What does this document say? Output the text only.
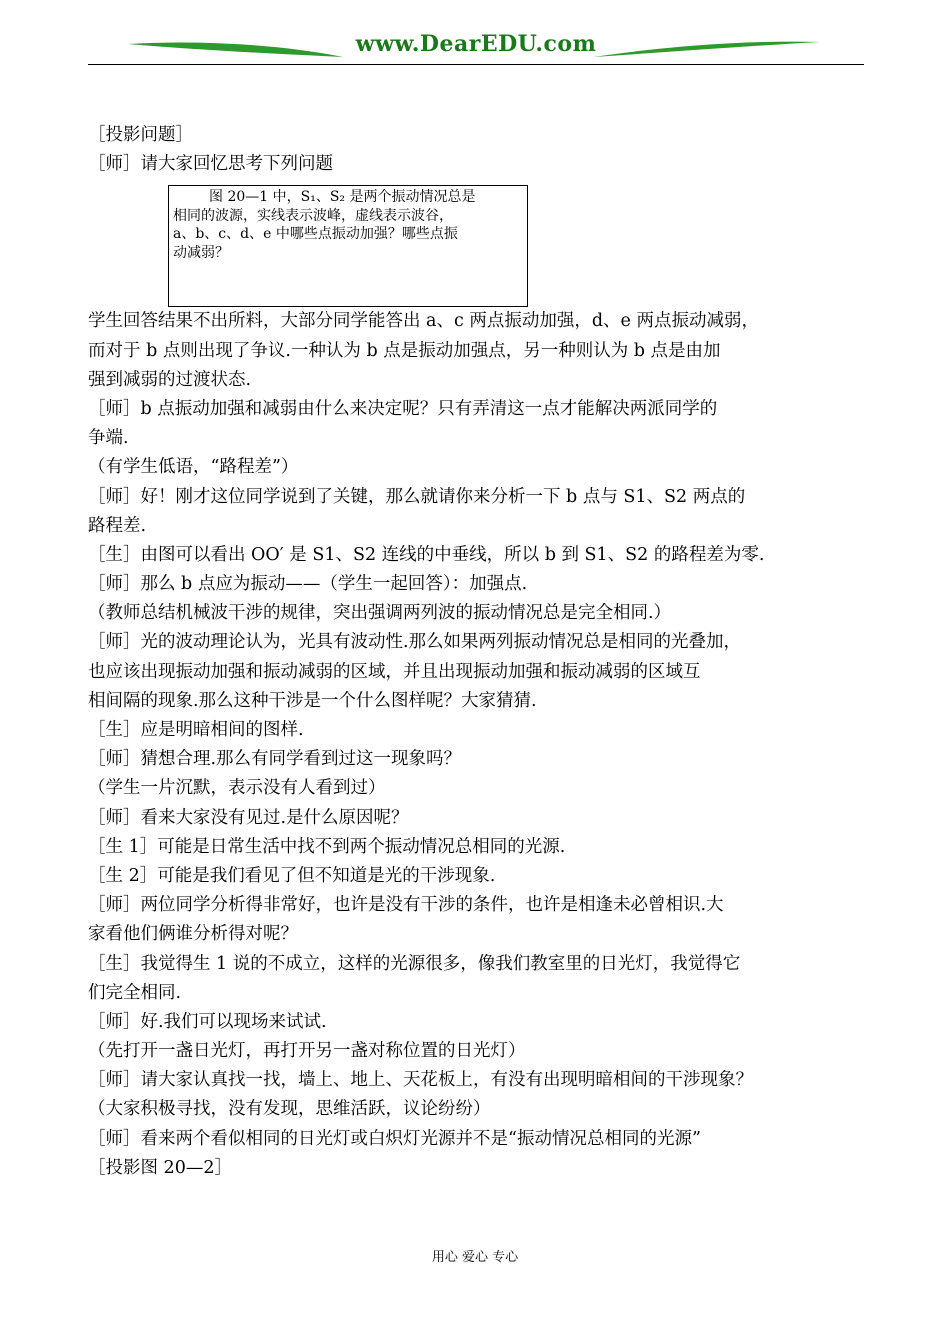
www.DearEDU.com
［投影问题］
［师］请大家回忆思考下列问题
图 20—1 中，S₁、S₂ 是两个振动情况总是
相同的波源，实线表示波峰，虚线表示波谷，
a、b、c、d、e 中哪些点振动加强？哪些点振
动减弱？
学生回答结果不出所料，大部分同学能答出 a、c 两点振动加强，d、e 两点振动减弱，
而对于 b 点则出现了争议.一种认为 b 点是振动加强点，另一种则认为 b 点是由加
强到减弱的过渡状态.
［师］b 点振动加强和减弱由什么来决定呢？只有弄清这一点才能解决两派同学的
争端.
（有学生低语，“路程差”）
［师］好！刚才这位同学说到了关键，那么就请你来分析一下 b 点与 S1、S2 两点的
路程差.
［生］由图可以看出 OO′ 是 S1、S2 连线的中垂线，所以 b 到 S1、S2 的路程差为零.
［师］那么 b 点应为振动——（学生一起回答）：加强点.
（教师总结机械波干涉的规律，突出强调两列波的振动情况总是完全相同.）
［师］光的波动理论认为，光具有波动性.那么如果两列振动情况总是相同的光叠加，
也应该出现振动加强和振动减弱的区域，并且出现振动加强和振动减弱的区域互
相间隔的现象.那么这种干涉是一个什么图样呢？大家猜猜.
［生］应是明暗相间的图样.
［师］猜想合理.那么有同学看到过这一现象吗？
（学生一片沉默，表示没有人看到过）
［师］看来大家没有见过.是什么原因呢？
［生 1］可能是日常生活中找不到两个振动情况总相同的光源.
［生 2］可能是我们看见了但不知道是光的干涉现象.
［师］两位同学分析得非常好，也许是没有干涉的条件，也许是相逢未必曾相识.大
家看他们俩谁分析得对呢？
［生］我觉得生 1 说的不成立，这样的光源很多，像我们教室里的日光灯，我觉得它
们完全相同.
［师］好.我们可以现场来试试.
（先打开一盏日光灯，再打开另一盏对称位置的日光灯）
［师］请大家认真找一找，墙上、地上、天花板上，有没有出现明暗相间的干涉现象？
（大家积极寻找，没有发现，思维活跃，议论纷纷）
［师］看来两个看似相同的日光灯或白炽灯光源并不是“振动情况总相同的光源”
［投影图 20—2］
用心 爱心 专心
